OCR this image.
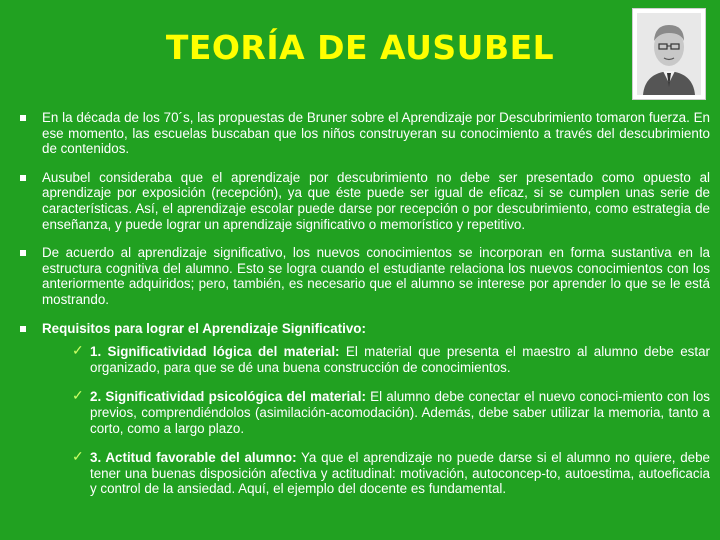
TEORÍA DE AUSUBEL
En la década de los 70´s, las propuestas de Bruner sobre el Aprendizaje por Descubrimiento tomaron fuerza. En ese momento, las escuelas buscaban que los niños construyeran su conocimiento a través del descubrimiento de contenidos.
Ausubel consideraba que el aprendizaje por descubrimiento no debe ser presentado como opuesto al aprendizaje por exposición (recepción), ya que éste puede ser igual de eficaz, si se cumplen unas serie de características. Así, el aprendizaje escolar puede darse por recepción o por descubrimiento, como estrategia de enseñanza, y puede lograr un aprendizaje significativo o memorístico y repetitivo.
De acuerdo al aprendizaje significativo, los nuevos conocimientos se incorporan en forma sustantiva en la estructura cognitiva del alumno. Esto se logra cuando el estudiante relaciona los nuevos conocimientos con los anteriormente adquiridos; pero, también, es necesario que el alumno se interese por aprender lo que se le está mostrando.
Requisitos para lograr el Aprendizaje Significativo:
✓ 1. Significatividad lógica del material: El material que presenta el maestro al alumno debe estar organizado, para que se dé una buena construcción de conocimientos.
✓ 2. Significatividad psicológica del material: El alumno debe conectar el nuevo conoci-miento con los previos, comprendiéndolos (asimilación-acomodación). Además, debe saber utilizar la memoria, tanto a corto, como a largo plazo.
✓ 3. Actitud favorable del alumno: Ya que el aprendizaje no puede darse si el alumno no quiere, debe tener una buenas disposición afectiva y actitudinal: motivación, autoconcep-to, autoestima, autoeficacia y control de la ansiedad. Aquí, el ejemplo del docente es fundamental.
